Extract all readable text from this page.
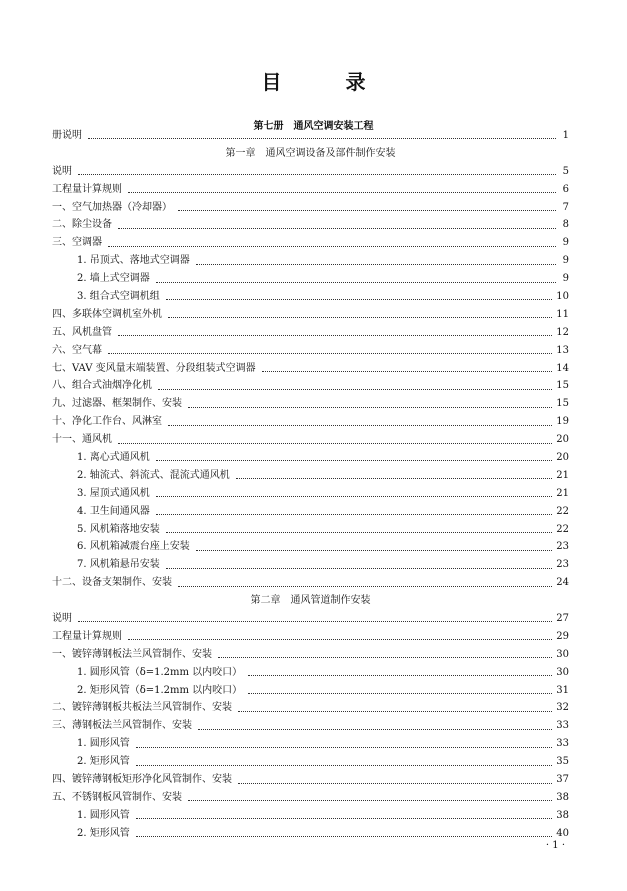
目　录
第七册　通风空调安装工程
册说明	1
第一章　通风空调设备及部件制作安装
说明	5
工程量计算规则	6
一、空气加热器（冷却器）	7
二、除尘设备	8
三、空调器	9
1. 吊顶式、落地式空调器	9
2. 墙上式空调器	9
3. 组合式空调机组	10
四、多联体空调机室外机	11
五、风机盘管	12
六、空气幕	13
七、VAV 变风量末端装置、分段组装式空调器	14
八、组合式油烟净化机	15
九、过滤器、框架制作、安装	15
十、净化工作台、风淋室	19
十一、通风机	20
1. 离心式通风机	20
2. 轴流式、斜流式、混流式通风机	21
3. 屋顶式通风机	21
4. 卫生间通风器	22
5. 风机箱落地安装	22
6. 风机箱减震台座上安装	23
7. 风机箱悬吊安装	23
十二、设备支架制作、安装	24
第二章　通风管道制作安装
说明	27
工程量计算规则	29
一、镀锌薄钢板法兰风管制作、安装	30
1. 圆形风管（δ=1.2mm 以内咬口）	30
2. 矩形风管（δ=1.2mm 以内咬口）	31
二、镀锌薄钢板共板法兰风管制作、安装	32
三、薄钢板法兰风管制作、安装	33
1. 圆形风管	33
2. 矩形风管	35
四、镀锌薄钢板矩形净化风管制作、安装	37
五、不锈钢板风管制作、安装	38
1. 圆形风管	38
2. 矩形风管	40
· 1 ·
